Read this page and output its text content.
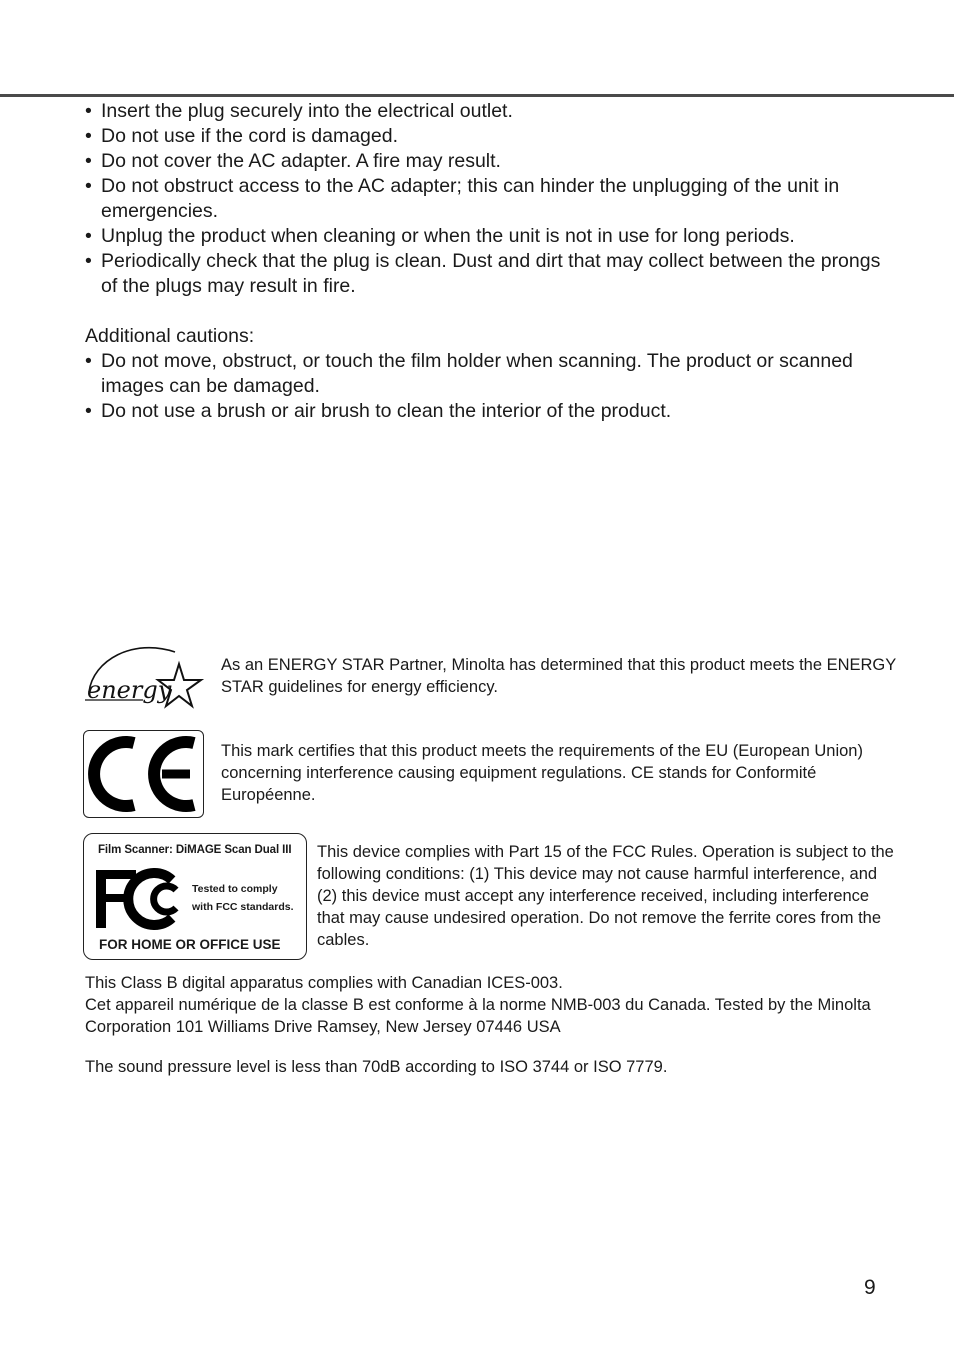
• Insert the plug securely into the electrical outlet.
• Do not use if the cord is damaged.
• Do not cover the AC adapter. A fire may result.
• Do not obstruct access to the AC adapter; this can hinder the unplugging of the unit in emergencies.
• Unplug the product when cleaning or when the unit is not in use for long periods.
• Periodically check that the plug is clean. Dust and dirt that may collect between the prongs of the plugs may result in fire.

Additional cautions:

• Do not move, obstruct, or touch the film holder when scanning. The product or scanned images can be damaged.
• Do not use a brush or air brush to clean the interior of the product.
energy

As an ENERGY STAR Partner, Minolta has determined that this product meets the ENERGY STAR guidelines for energy efficiency.

This mark certifies that this product meets the requirements of the EU (European Union) concerning interference causing equipment regulations. CE stands for Conformité Européenne.

Film Scanner: DiMAGE Scan Dual III
Tested to comply
with FCC standards.
FOR HOME OR OFFICE USE

This device complies with Part 15 of the FCC Rules. Operation is subject to the following conditions: (1) This device may not cause harmful interference, and (2) this device must accept any interference received, including interference that may cause undesired operation. Do not remove the ferrite cores from the cables.

This Class B digital apparatus complies with Canadian ICES-003.
Cet appareil numérique de la classe B est conforme à la norme NMB-003 du Canada. Tested by the Minolta Corporation 101 Williams Drive Ramsey, New Jersey 07446 USA

The sound pressure level is less than 70dB according to ISO 3744 or ISO 7779.

9
